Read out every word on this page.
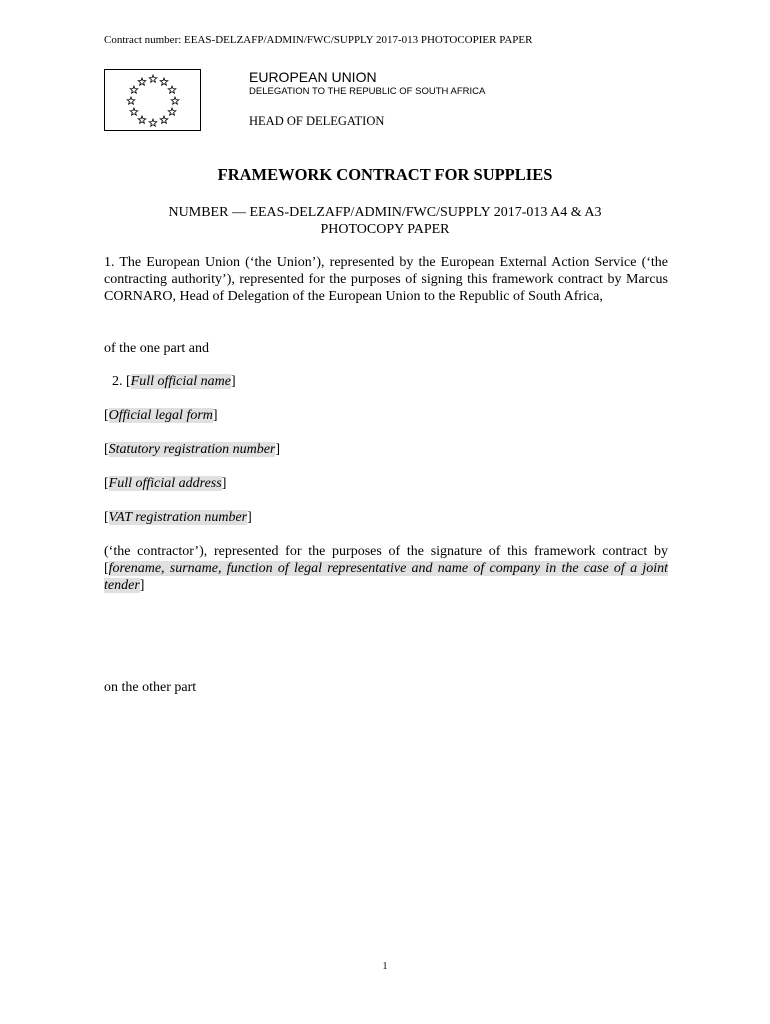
Contract number: EEAS-DELZAFP/ADMIN/FWC/SUPPLY 2017-013 PHOTOCOPIER PAPER
EUROPEAN UNION
DELEGATION TO THE REPUBLIC OF SOUTH AFRICA
HEAD OF DELEGATION
FRAMEWORK CONTRACT FOR SUPPLIES
NUMBER — EEAS-DELZAFP/ADMIN/FWC/SUPPLY 2017-013 A4 & A3
PHOTOCOPY PAPER
1. The European Union (‘the Union’), represented by the European External Action Service (‘the contracting authority’), represented for the purposes of signing this framework contract by Marcus CORNARO, Head of Delegation of the European Union to the Republic of South Africa,
of the one part and
2. [Full official name]
[Official legal form]
[Statutory registration number]
[Full official address]
[VAT registration number]
(‘the contractor’), represented for the purposes of the signature of this framework contract by [forename, surname, function of legal representative and name of company in the case of a joint tender]
on the other part
1
